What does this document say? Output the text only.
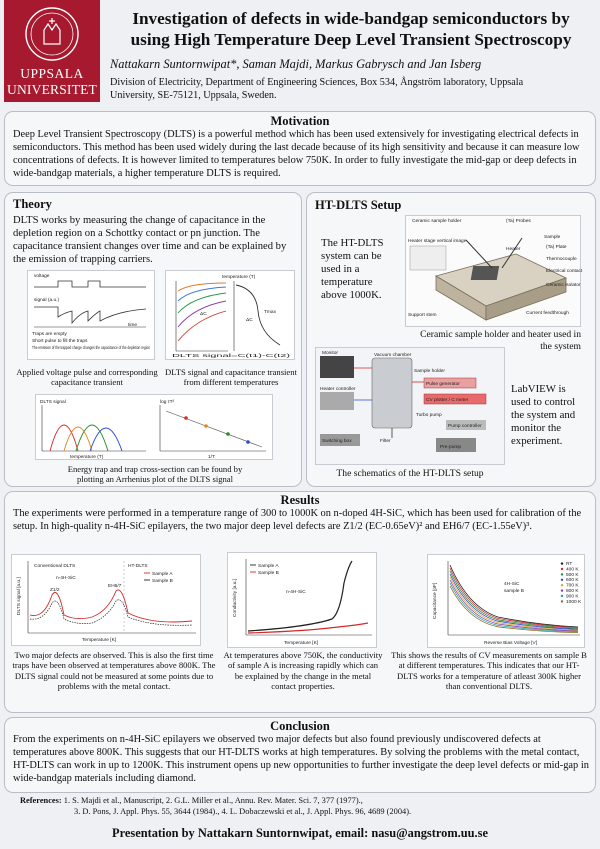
UPPSALA
UNIVERSITET
Investigation of defects in wide-bandgap semiconductors by
using High Temperature Deep Level Transient Spectroscopy
Nattakarn Suntornwipat*, Saman Majdi, Markus Gabrysch and Jan Isberg
Division of Electricity, Department of Engineering Sciences, Box 534, Ångström laboratory, Uppsala
University, SE-75121, Uppsala, Sweden.
Motivation
Deep Level Transient Spectroscopy (DLTS) is a powerful method which has been used extensively for investigating electrical defects in semiconductors. This method has been used widely during the last decade because of its high sensitivity and because it can measure low concentrations of defects. It is however limited to temperatures below 750K. In order to fully investigate the mid-gap or deep defects in wide-bandgap materials, a higher temperature DLTS is required.
Theory
DLTS works by measuring the change of capacitance in the depletion region on a Schottky contact or pn junction. The capacitance transient changes over time and can be explained by the emission of trapping carriers.
voltage
signal (a.u.)
time
Traps are empty
Short pulse to fill the traps
The emission of the trapped charge changes the capacitance of the depletion region
temperature (T)
ΔC	Tmax
ΔC
DLTS signal=C(t1)-C(t2)
Applied voltage pulse and corresponding capacitance transient
DLTS signal and capacitance transient from different temperatures
DLTS signal
temperature (T)
log τT²
1/T
Energy trap and trap cross-section can be found by plotting an Arrhenius plot of the DLTS signal
HT-DLTS Setup
The HT-DLTS system can be used in a temperature above 1000K.
Ceramic sample holder	(Ta) Probes
Sample
(Ta) Plate
Heater
Thermocouple
Heater stage vertical image
Electrical contact
Ceramic isolator
Current feedthrough
Support stem
Ceramic sample holder and heater used in the system
Monitor	Vacuum chamber
Sample holder
Pulse generator
CV plotter / C meter
Heater controller
Turbo pump
Pump controller
Switching box	Filter
Pre-pump
LabVIEW is used to control the system and monitor the experiment.
The schematics of the HT-DLTS setup
Results
The experiments were performed in a temperature range of 300 to 1000K on n-doped 4H-SiC, which has been used for calibration of the setup. In high-quality n-4H-SiC epilayers, the two major deep level defects are Z1/2 (EC-0.65eV)² and EH6/7 (EC-1.55eV)³.
Conventional DLTS	HT-DLTS
n-4H-SiC
Sample A
Sample B
Z1/2
EH6/7
Temperature [K]
DLTS signal [a.u.]
Sample A
Sample B
n-4H-SiC
Temperature [K]
Conductivity [a.u.]	4H-SiC
sample B
RT
400 K
500 K
600 K
700 K
800 K
900 K
1000 K
Reverse Bias Voltage [V]
Capacitance [pF]
Two major defects are observed. This is also the first time traps have been observed at temperatures above 800K. The DLTS signal could not be measured at some points due to problems with the metal contact.
At temperatures above 750K, the conductivity of sample A is increasing rapidly which can be explained by the change in the metal contact properties.
This shows the results of CV measurements on sample B at different temperatures. This indicates that our HT-DLTS works for a temperature of atleast 300K higher than conventional DLTS.
Conclusion
From the experiments on n-4H-SiC epilayers we observed two major defects but also found previously undiscovered defects at temperatures above 800K. This suggests that our HT-DLTS works at high temperatures. By solving the problems with the metal contact, HT-DLTS can work in up to 1200K. This instrument opens up new opportunities to further investigate the deep level defects or mid-gap in wide-bandgap materials including diamond.
References: 1. S. Majdi et al., Manuscript, 2. G.L. Miller et al., Annu. Rev. Mater. Sci. 7, 377 (1977).,
3. D. Pons, J. Appl. Phys. 55, 3644 (1984)., 4. L. Dobaczewski et al., J. Appl. Phys. 96, 4689 (2004).
Presentation by Nattakarn Suntornwipat, email: nasu@angstrom.uu.se
